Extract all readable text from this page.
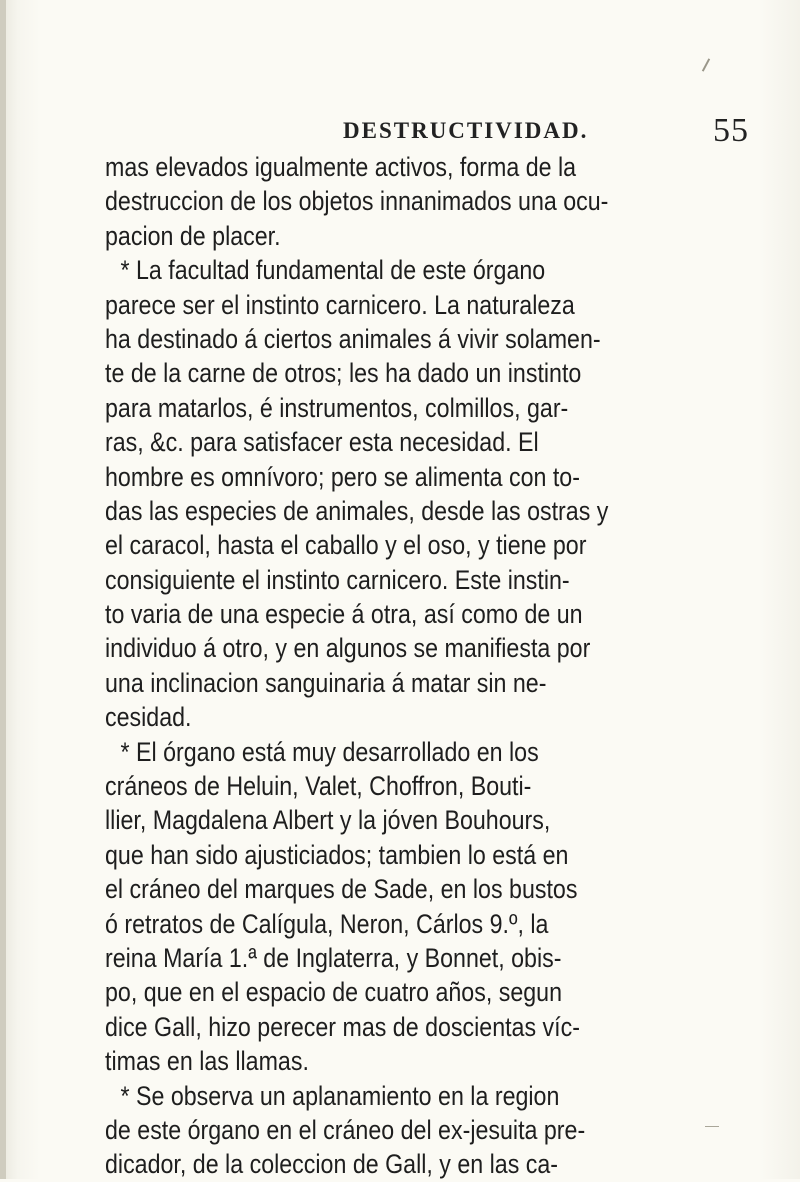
DESTRUCTIVIDAD.	55
mas elevados igualmente activos, forma de la
destruccion de los objetos innanimados una ocu-
pacion de placer.
* La facultad fundamental de este órgano
parece ser el instinto carnicero. La naturaleza
ha destinado á ciertos animales á vivir solamen-
te de la carne de otros; les ha dado un instinto
para matarlos, é instrumentos, colmillos, gar-
ras, &c. para satisfacer esta necesidad. El
hombre es omnívoro; pero se alimenta con to-
das las especies de animales, desde las ostras y
el caracol, hasta el caballo y el oso, y tiene por
consiguiente el instinto carnicero. Este instin-
to varia de una especie á otra, así como de un
individuo á otro, y en algunos se manifiesta por
una inclinacion sanguinaria á matar sin ne-
cesidad.
* El órgano está muy desarrollado en los
cráneos de Heluin, Valet, Choffron, Bouti-
llier, Magdalena Albert y la jóven Bouhours,
que han sido ajusticiados; tambien lo está en
el cráneo del marques de Sade, en los bustos
ó retratos de Calígula, Neron, Cárlos 9.º, la
reina María 1.ª de Inglaterra, y Bonnet, obis-
po, que en el espacio de cuatro años, segun
dice Gall, hizo perecer mas de doscientas víc-
timas en las llamas.
* Se observa un aplanamiento en la region
de este órgano en el cráneo del ex-jesuita pre-
dicador, de la coleccion de Gall, y en las ca-
